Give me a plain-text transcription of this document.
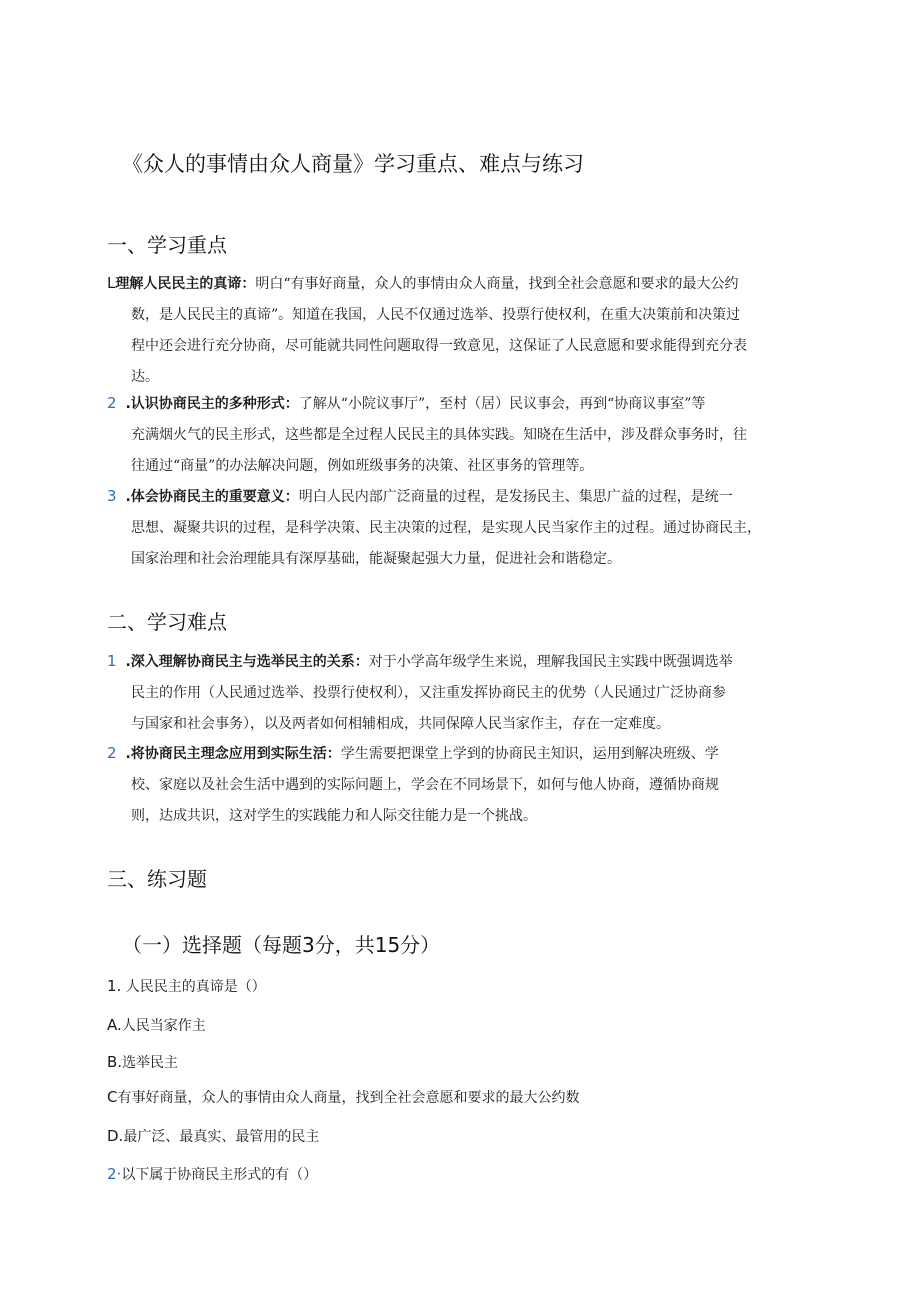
《众人的事情由众人商量》学习重点、难点与练习
一、学习重点
L理解人民民主的真谛：明白“有事好商量，众人的事情由众人商量，找到全社会意愿和要求的最大公约
数，是人民民主的真谛”。知道在我国，人民不仅通过选举、投票行使权利，在重大决策前和决策过
程中还会进行充分协商，尽可能就共同性问题取得一致意见，这保证了人民意愿和要求能得到充分表
达。
2 .认识协商民主的多种形式：了解从“小院议事厅”，至村（居）民议事会，再到“协商议事室”等
充满烟火气的民主形式，这些都是全过程人民民主的具体实践。知晓在生活中，涉及群众事务时，往
往通过“商量”的办法解决问题，例如班级事务的决策、社区事务的管理等。
3 .体会协商民主的重要意义：明白人民内部广泛商量的过程，是发扬民主、集思广益的过程，是统一
思想、凝聚共识的过程，是科学决策、民主决策的过程，是实现人民当家作主的过程。通过协商民主，
国家治理和社会治理能具有深厚基础，能凝聚起强大力量，促进社会和谐稳定。
二、学习难点
1 .深入理解协商民主与选举民主的关系：对于小学高年级学生来说，理解我国民主实践中既强调选举
民主的作用（人民通过选举、投票行使权利），又注重发挥协商民主的优势（人民通过广泛协商参
与国家和社会事务），以及两者如何相辅相成，共同保障人民当家作主，存在一定难度。
2 .将协商民主理念应用到实际生活：学生需要把课堂上学到的协商民主知识，运用到解决班级、学
校、家庭以及社会生活中遇到的实际问题上，学会在不同场景下，如何与他人协商，遵循协商规
则，达成共识，这对学生的实践能力和人际交往能力是一个挑战。
三、练习题
（一）选择题（每题3分，共15分）
1. 人民民主的真谛是（）
A.人民当家作主
B.选举民主
C有事好商量，众人的事情由众人商量，找到全社会意愿和要求的最大公约数
D.最广泛、最真实、最管用的民主
2·以下属于协商民主形式的有（）
